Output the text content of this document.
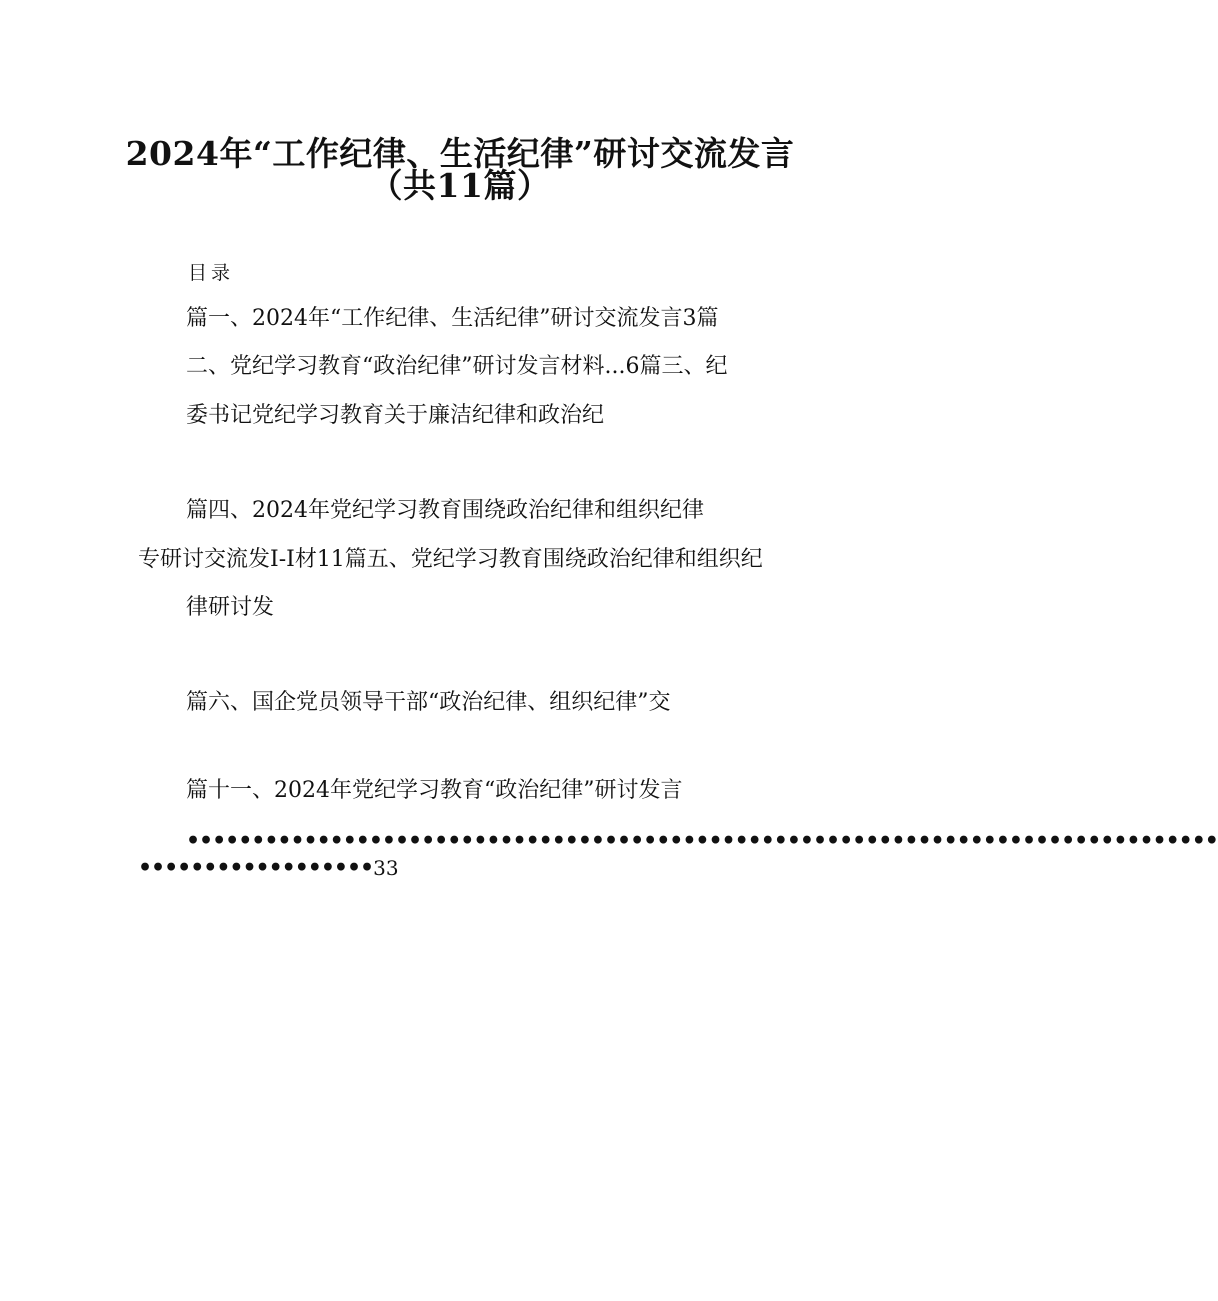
2024年“工作纪律、生活纪律”研讨交流发言
（共11篇）
目录
篇一、2024年“工作纪律、生活纪律”研讨交流发言3篇
二、党纪学习教育“政治纪律”研讨发言材料...6篇三、纪
委书记党纪学习教育关于廉洁纪律和政治纪
篇四、2024年党纪学习教育围绕政治纪律和组织纪律
专研讨交流发I-I材11篇五、党纪学习教育围绕政治纪律和组织纪
律研讨发
篇六、国企党员领导干部“政治纪律、组织纪律”交
篇十一、2024年党纪学习教育“政治纪律”研讨发言
•••••••••••••••••••••••••••••••••••••••••••••••••••••••••••••••••••••••••••••••
••••••••••••••••••33
